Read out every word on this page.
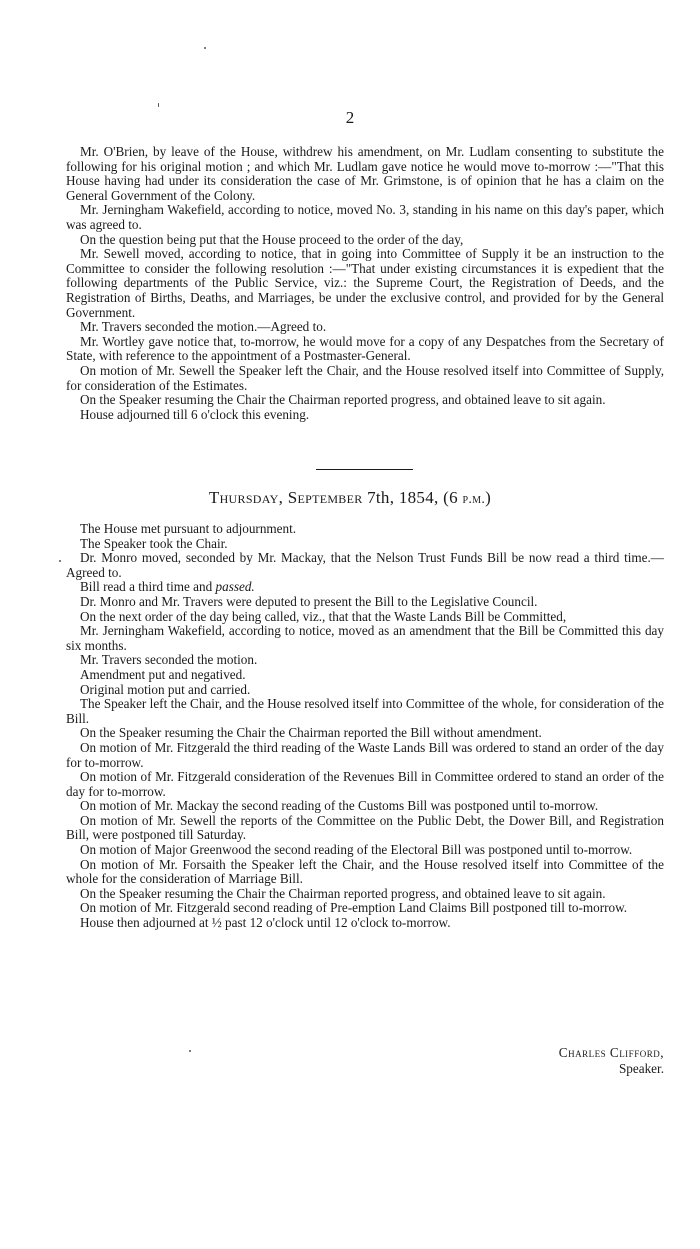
2

Mr. O'Brien, by leave of the House, withdrew his amendment, on Mr. Ludlam consenting to substitute the following for his original motion ; and which Mr. Ludlam gave notice he would move to-morrow :—"That this House having had under its consideration the case of Mr. Grimstone, is of opinion that he has a claim on the General Government of the Colony.

Mr. Jerningham Wakefield, according to notice, moved No. 3, standing in his name on this day's paper, which was agreed to.

On the question being put that the House proceed to the order of the day,

Mr. Sewell moved, according to notice, that in going into Committee of Supply it be an instruction to the Committee to consider the following resolution :—"That under existing circumstances it is expedient that the following departments of the Public Service, viz.: the Supreme Court, the Registration of Deeds, and the Registration of Births, Deaths, and Marriages, be under the exclusive control, and provided for by the General Government.

Mr. Travers seconded the motion.—Agreed to.

Mr. Wortley gave notice that, to-morrow, he would move for a copy of any Despatches from the Secretary of State, with reference to the appointment of a Postmaster-General.

On motion of Mr. Sewell the Speaker left the Chair, and the House resolved itself into Committee of Supply, for consideration of the Estimates.

On the Speaker resuming the Chair the Chairman reported progress, and obtained leave to sit again.

House adjourned till 6 o'clock this evening.

Thursday, September 7th, 1854, (6 p.m.)

The House met pursuant to adjournment.

The Speaker took the Chair.

Dr. Monro moved, seconded by Mr. Mackay, that the Nelson Trust Funds Bill be now read a third time.—Agreed to.

Bill read a third time and passed.

Dr. Monro and Mr. Travers were deputed to present the Bill to the Legislative Council.

On the next order of the day being called, viz., that that the Waste Lands Bill be Committed,

Mr. Jerningham Wakefield, according to notice, moved as an amendment that the Bill be Committed this day six months.

Mr. Travers seconded the motion.

Amendment put and negatived.

Original motion put and carried.

The Speaker left the Chair, and the House resolved itself into Committee of the whole, for consideration of the Bill.

On the Speaker resuming the Chair the Chairman reported the Bill without amendment.

On motion of Mr. Fitzgerald the third reading of the Waste Lands Bill was ordered to stand an order of the day for to-morrow.

On motion of Mr. Fitzgerald consideration of the Revenues Bill in Committee ordered to stand an order of the day for to-morrow.

On motion of Mr. Mackay the second reading of the Customs Bill was postponed until to-morrow.

On motion of Mr. Sewell the reports of the Committee on the Public Debt, the Dower Bill, and Registration Bill, were postponed till Saturday.

On motion of Major Greenwood the second reading of the Electoral Bill was postponed until to-morrow.

On motion of Mr. Forsaith the Speaker left the Chair, and the House resolved itself into Committee of the whole for the consideration of Marriage Bill.

On the Speaker resuming the Chair the Chairman reported progress, and obtained leave to sit again.

On motion of Mr. Fitzgerald second reading of Pre-emption Land Claims Bill postponed till to-morrow.

House then adjourned at ½ past 12 o'clock until 12 o'clock to-morrow.

Charles Clifford,
Speaker.
